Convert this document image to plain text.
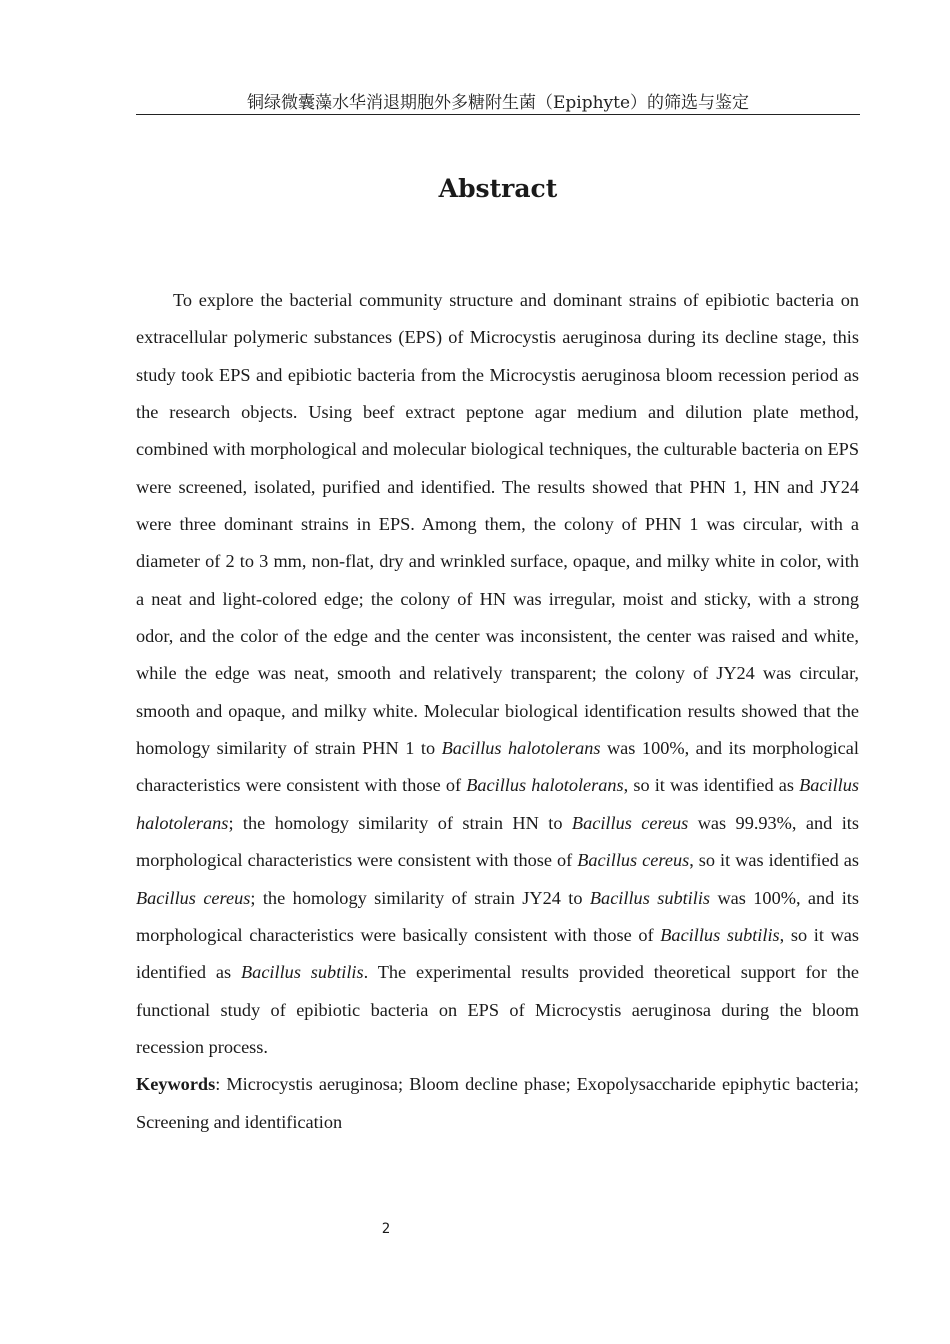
铜绿微囊藻水华消退期胞外多糖附生菌（Epiphyte）的筛选与鉴定
Abstract

To explore the bacterial community structure and dominant strains of epibiotic bacteria on extracellular polymeric substances (EPS) of Microcystis aeruginosa during its decline stage, this study took EPS and epibiotic bacteria from the Microcystis aeruginosa bloom recession period as the research objects. Using beef extract peptone agar medium and dilution plate method, combined with morphological and molecular biological techniques, the culturable bacteria on EPS were screened, isolated, purified and identified. The results showed that PHN 1, HN and JY24 were three dominant strains in EPS. Among them, the colony of PHN 1 was circular, with a diameter of 2 to 3 mm, non-flat, dry and wrinkled surface, opaque, and milky white in color, with a neat and light-colored edge; the colony of HN was irregular, moist and sticky, with a strong odor, and the color of the edge and the center was inconsistent, the center was raised and white, while the edge was neat, smooth and relatively transparent; the colony of JY24 was circular, smooth and opaque, and milky white. Molecular biological identification results showed that the homology similarity of strain PHN 1 to Bacillus halotolerans was 100%, and its morphological characteristics were consistent with those of Bacillus halotolerans, so it was identified as Bacillus halotolerans; the homology similarity of strain HN to Bacillus cereus was 99.93%, and its morphological characteristics were consistent with those of Bacillus cereus, so it was identified as Bacillus cereus; the homology similarity of strain JY24 to Bacillus subtilis was 100%, and its morphological characteristics were basically consistent with those of Bacillus subtilis, so it was identified as Bacillus subtilis. The experimental results provided theoretical support for the functional study of epibiotic bacteria on EPS of Microcystis aeruginosa during the bloom recession process.

Keywords: Microcystis aeruginosa; Bloom decline phase; Exopolysaccharide epiphytic bacteria; Screening and identification

2
